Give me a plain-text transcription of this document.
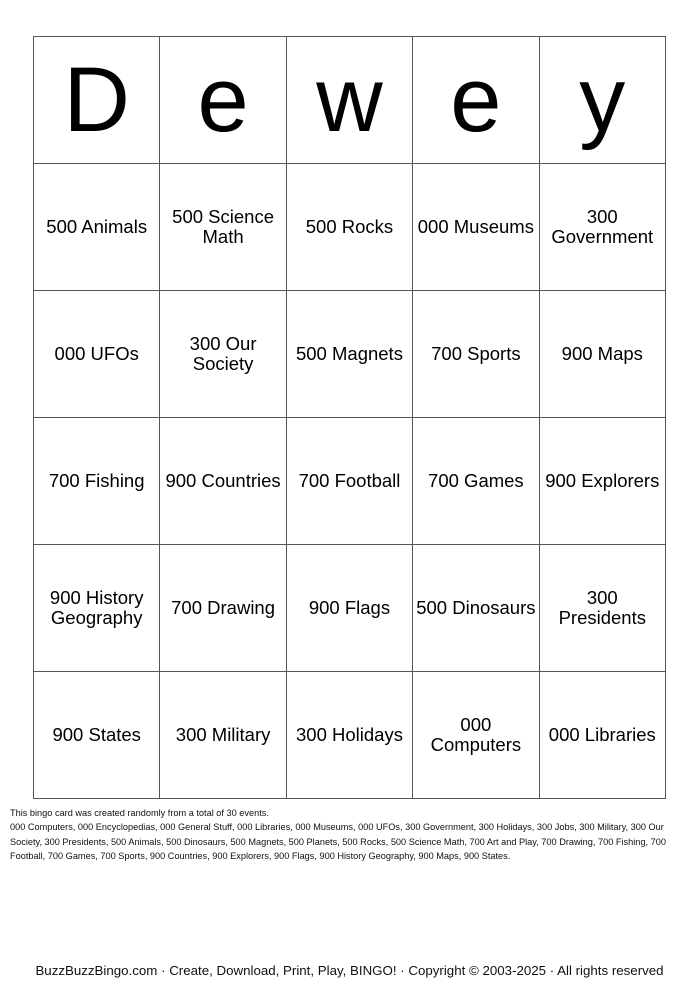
D	e	w	e	y
500 Animals	500 Science Math	500 Rocks	000 Museums	300 Government
000 UFOs	300 Our Society	500 Magnets	700 Sports	900 Maps
700 Fishing	900 Countries	700 Football	700 Games	900 Explorers
900 History Geography	700 Drawing	900 Flags	500 Dinosaurs	300 Presidents
900 States	300 Military	300 Holidays	000 Computers	000 Libraries
This bingo card was created randomly from a total of 30 events.
000 Computers, 000 Encyclopedias, 000 General Stuff, 000 Libraries, 000 Museums, 000 UFOs, 300 Government, 300 Holidays, 300 Jobs, 300 Military, 300 Our Society, 300 Presidents, 500 Animals, 500 Dinosaurs, 500 Magnets, 500 Planets, 500 Rocks, 500 Science Math, 700 Art and Play, 700 Drawing, 700 Fishing, 700 Football, 700 Games, 700 Sports, 900 Countries, 900 Explorers, 900 Flags, 900 History Geography, 900 Maps, 900 States.
BuzzBuzzBingo.com · Create, Download, Print, Play, BINGO! · Copyright © 2003-2025 · All rights reserved
